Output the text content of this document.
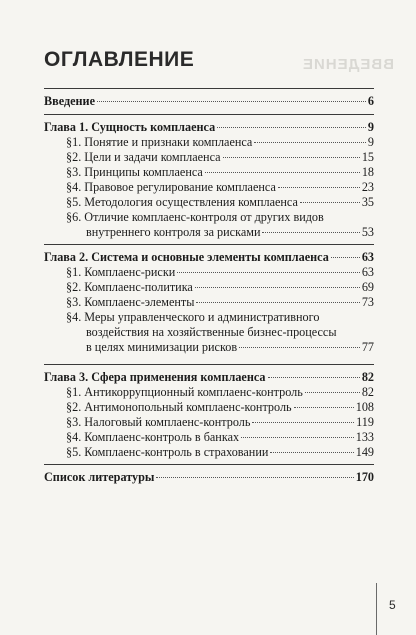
ВВЕДЕНИЕ
ОГЛАВЛЕНИЕ
Введение	6
Глава 1. Сущность комплаенса	9
§1. Понятие и признаки комплаенса	9
§2. Цели и задачи комплаенса	15
§3. Принципы комплаенса	18
§4. Правовое регулирование комплаенса	23
§5. Методология осуществления комплаенса	35
§6. Отличие комплаенс-контроля от других видов
внутреннего контроля за рисками	53
Глава 2. Система и основные элементы комплаенса	63
§1. Комплаенс-риски	63
§2. Комплаенс-политика	69
§3. Комплаенс-элементы	73
§4. Меры управленческого и административного
воздействия на хозяйственные бизнес-процессы
в целях минимизации рисков	77
Глава 3. Сфера применения комплаенса	82
§1. Антикоррупционный комплаенс-контроль	82
§2. Антимонопольный комплаенс-контроль	108
§3. Налоговый комплаенс-контроль	119
§4. Комплаенс-контроль в банках	133
§5. Комплаенс-контроль в страховании	149
Список литературы	170
5
